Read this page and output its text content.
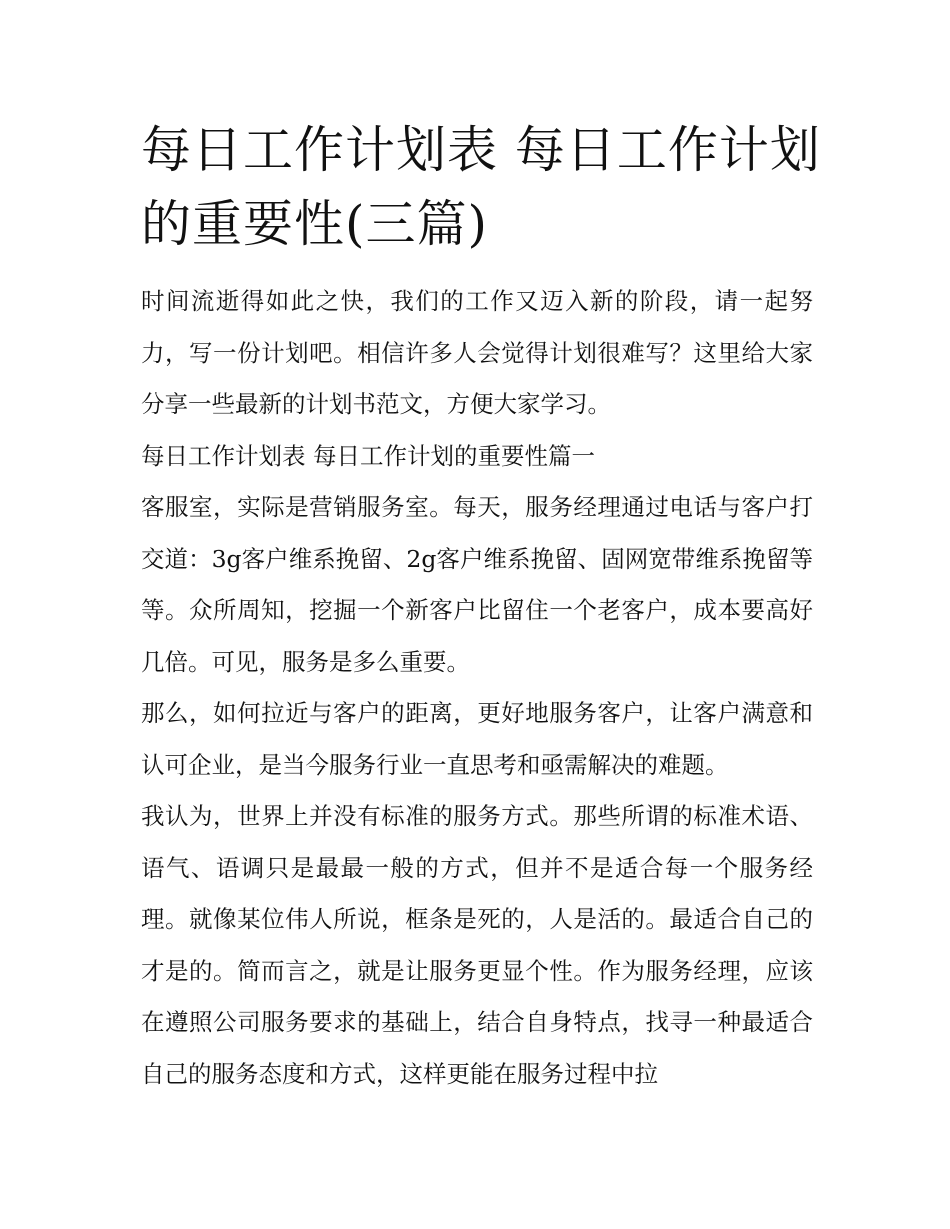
每日工作计划表 每日工作计划的重要性(三篇)

时间流逝得如此之快，我们的工作又迈入新的阶段，请一起努力，写一份计划吧。相信许多人会觉得计划很难写？这里给大家分享一些最新的计划书范文，方便大家学习。

每日工作计划表 每日工作计划的重要性篇一

客服室，实际是营销服务室。每天，服务经理通过电话与客户打交道：3g客户维系挽留、2g客户维系挽留、固网宽带维系挽留等等。众所周知，挖掘一个新客户比留住一个老客户，成本要高好几倍。可见，服务是多么重要。

那么，如何拉近与客户的距离，更好地服务客户，让客户满意和认可企业，是当今服务行业一直思考和亟需解决的难题。

我认为，世界上并没有标准的服务方式。那些所谓的标准术语、语气、语调只是最最一般的方式，但并不是适合每一个服务经理。就像某位伟人所说，框条是死的，人是活的。最适合自己的才是的。简而言之，就是让服务更显个性。作为服务经理，应该在遵照公司服务要求的基础上，结合自身特点，找寻一种最适合自己的服务态度和方式，这样更能在服务过程中拉
